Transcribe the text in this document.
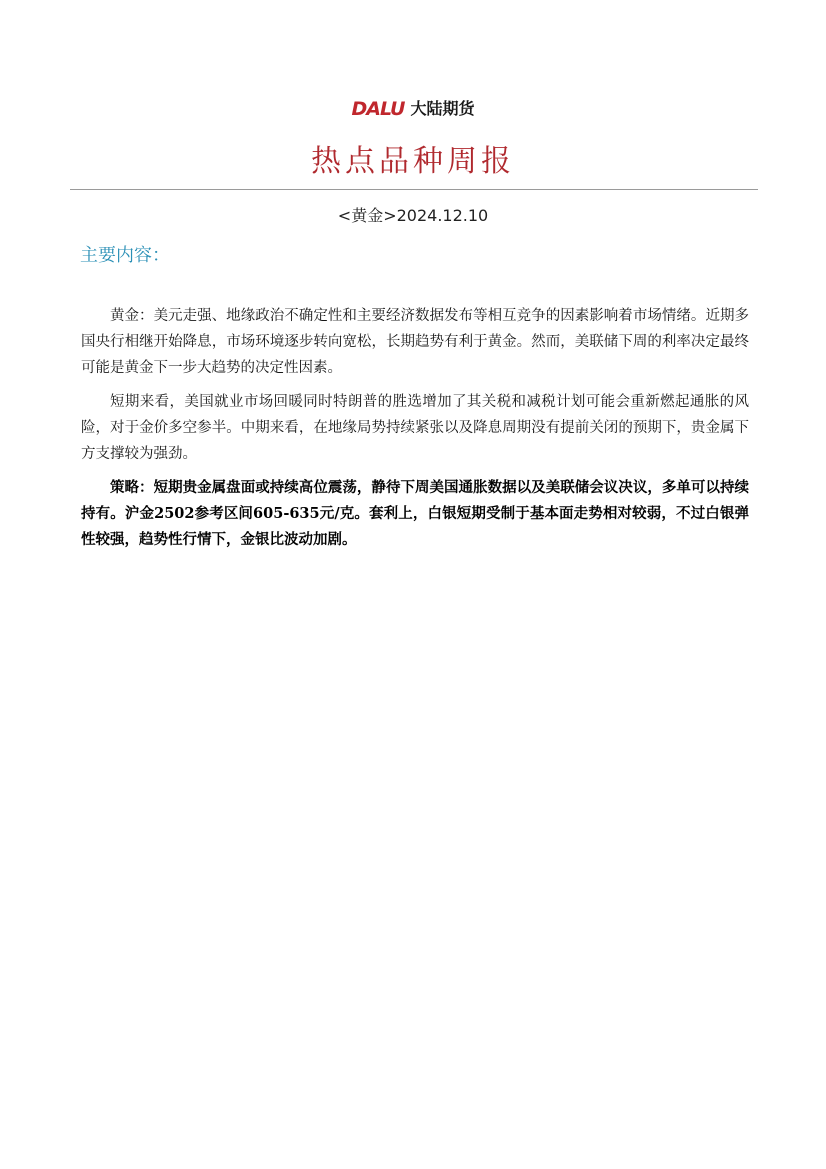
DALU 大陆期货
热点品种周报
<黄金>2024.12.10
主要内容：

黄金：美元走强、地缘政治不确定性和主要经济数据发布等相互竞争的因素影响着市场情绪。近期多国央行相继开始降息，市场环境逐步转向宽松，长期趋势有利于黄金。然而，美联储下周的利率决定最终可能是黄金下一步大趋势的决定性因素。

短期来看，美国就业市场回暖同时特朗普的胜选增加了其关税和减税计划可能会重新燃起通胀的风险，对于金价多空参半。中期来看，在地缘局势持续紧张以及降息周期没有提前关闭的预期下，贵金属下方支撑较为强劲。

策略：短期贵金属盘面或持续高位震荡，静待下周美国通胀数据以及美联储会议决议，多单可以持续持有。沪金2502参考区间605-635元/克。套利上，白银短期受制于基本面走势相对较弱，不过白银弹性较强，趋势性行情下，金银比波动加剧。
